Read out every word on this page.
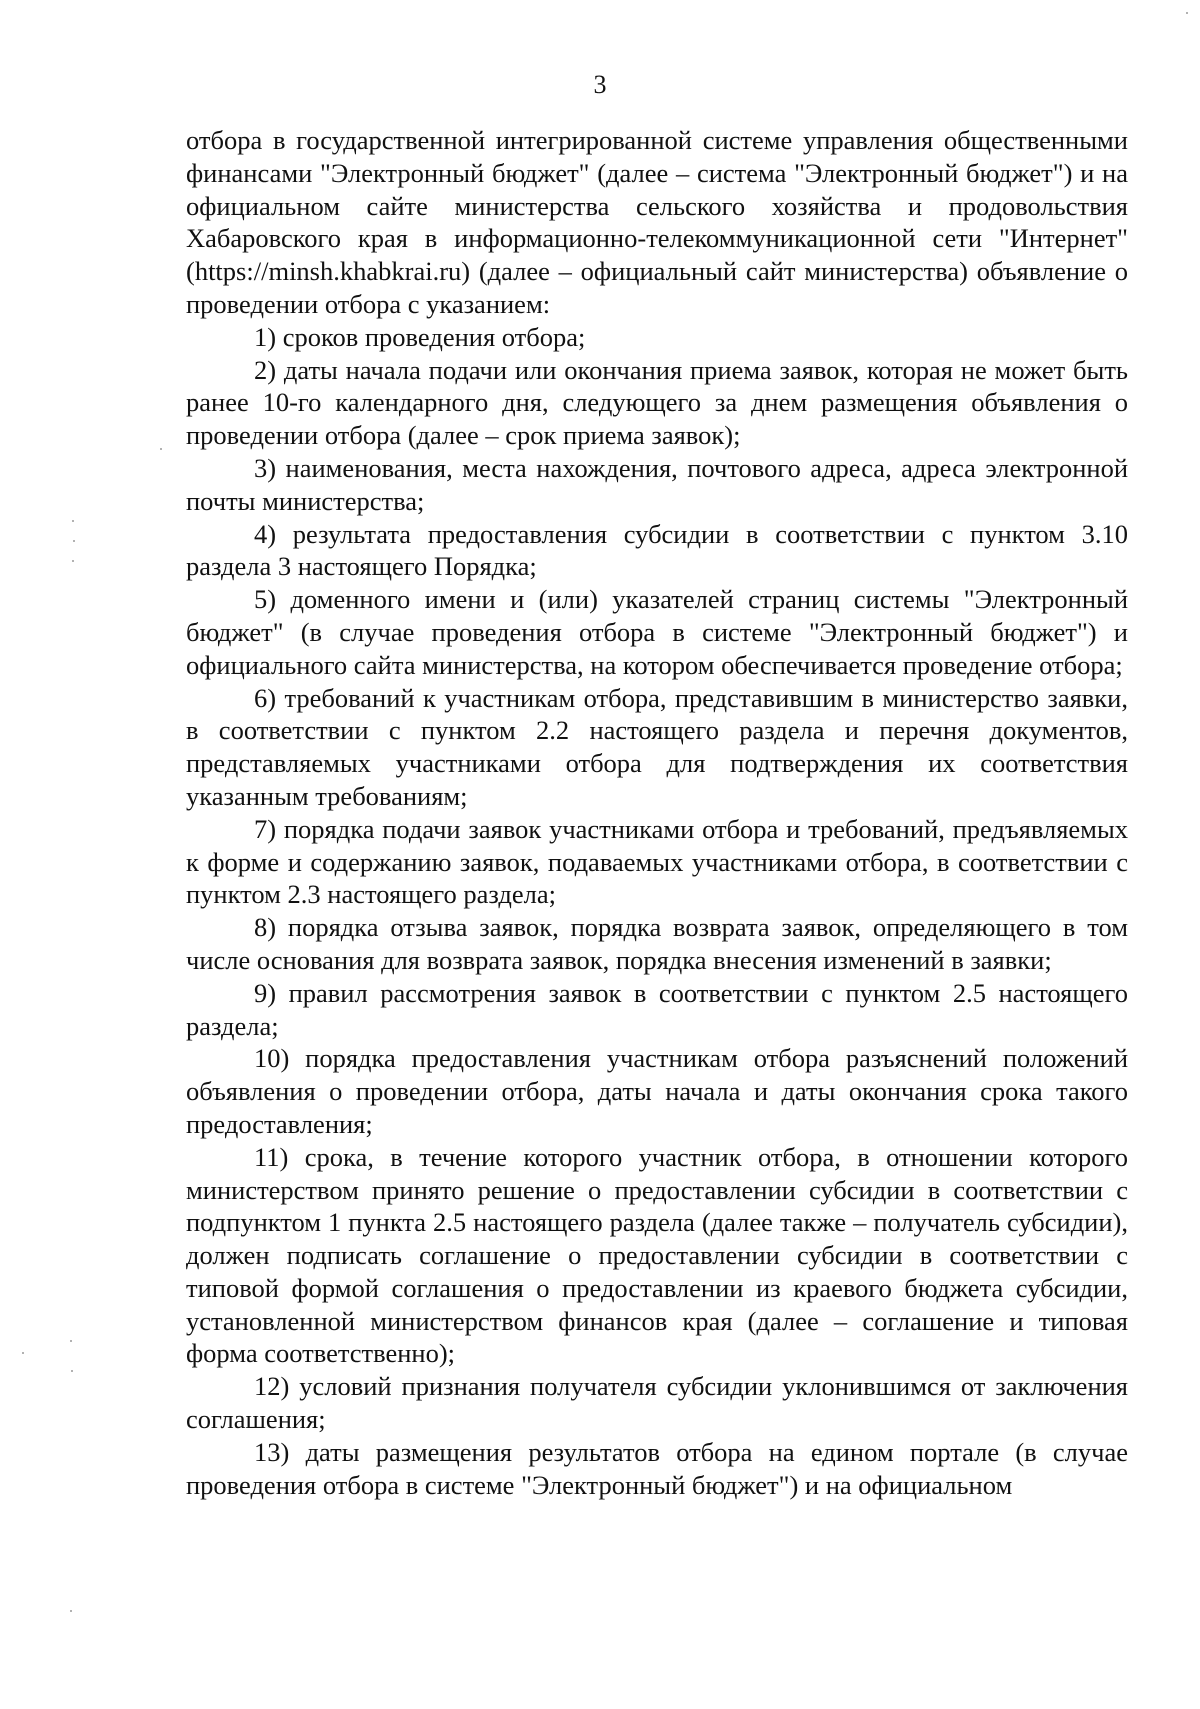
3

отбора в государственной интегрированной системе управления общественными финансами "Электронный бюджет" (далее – система "Электронный бюджет") и на официальном сайте министерства сельского хозяйства и продовольствия Хабаровского края в информационно-телекоммуникационной сети "Интернет" (https://minsh.khabkrai.ru) (далее – официальный сайт министерства) объявление о проведении отбора с указанием:

1) сроков проведения отбора;

2) даты начала подачи или окончания приема заявок, которая не может быть ранее 10-го календарного дня, следующего за днем размещения объявления о проведении отбора (далее – срок приема заявок);

3) наименования, места нахождения, почтового адреса, адреса электронной почты министерства;

4) результата предоставления субсидии в соответствии с пунктом 3.10 раздела 3 настоящего Порядка;

5) доменного имени и (или) указателей страниц системы "Электронный бюджет" (в случае проведения отбора в системе "Электронный бюджет") и официального сайта министерства, на котором обеспечивается проведение отбора;

6) требований к участникам отбора, представившим в министерство заявки, в соответствии с пунктом 2.2 настоящего раздела и перечня документов, представляемых участниками отбора для подтверждения их соответствия указанным требованиям;

7) порядка подачи заявок участниками отбора и требований, предъявляемых к форме и содержанию заявок, подаваемых участниками отбора, в соответствии с пунктом 2.3 настоящего раздела;

8) порядка отзыва заявок, порядка возврата заявок, определяющего в том числе основания для возврата заявок, порядка внесения изменений в заявки;

9) правил рассмотрения заявок в соответствии с пунктом 2.5 настоящего раздела;

10) порядка предоставления участникам отбора разъяснений положений объявления о проведении отбора, даты начала и даты окончания срока такого предоставления;

11) срока, в течение которого участник отбора, в отношении которого министерством принято решение о предоставлении субсидии в соответствии с подпунктом 1 пункта 2.5 настоящего раздела (далее также – получатель субсидии), должен подписать соглашение о предоставлении субсидии в соответствии с типовой формой соглашения о предоставлении из краевого бюджета субсидии, установленной министерством финансов края (далее – соглашение и типовая форма соответственно);

12) условий признания получателя субсидии уклонившимся от заключения соглашения;

13) даты размещения результатов отбора на едином портале (в случае проведения отбора в системе "Электронный бюджет") и на официальном
